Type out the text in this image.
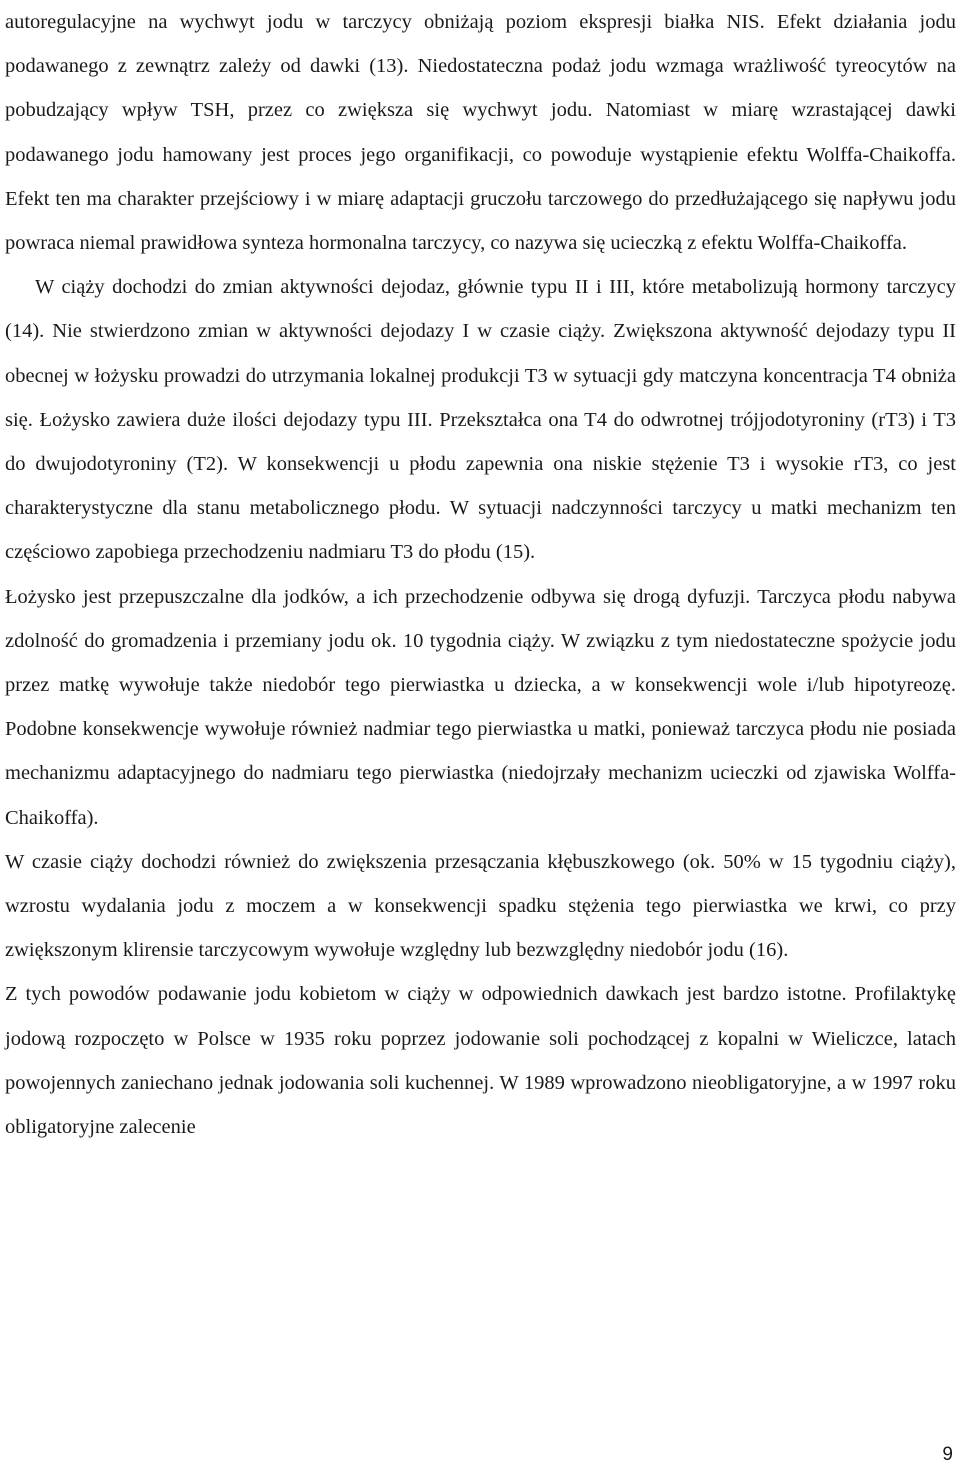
autoregulacyjne na wychwyt jodu w tarczycy obniżają poziom ekspresji białka NIS. Efekt działania jodu podawanego z zewnątrz zależy od dawki (13). Niedostateczna podaż jodu wzmaga wrażliwość tyreocytów na pobudzający wpływ TSH, przez co zwiększa się wychwyt jodu. Natomiast w miarę wzrastającej dawki podawanego jodu hamowany jest proces jego organifikacji, co powoduje wystąpienie efektu Wolffa-Chaikoffa. Efekt ten ma charakter przejściowy i w miarę adaptacji gruczołu tarczowego do przedłużającego się napływu jodu powraca niemal prawidłowa synteza hormonalna tarczycy, co nazywa się ucieczką z efektu Wolffa-Chaikoffa.

W ciąży dochodzi do zmian aktywności dejodaz, głównie typu II i III, które metabolizują hormony tarczycy (14). Nie stwierdzono zmian w aktywności dejodazy I w czasie ciąży. Zwiększona aktywność dejodazy typu II obecnej w łożysku prowadzi do utrzymania lokalnej produkcji T3 w sytuacji gdy matczyna koncentracja T4 obniża się. Łożysko zawiera duże ilości dejodazy typu III. Przekształca ona T4 do odwrotnej trójjodotyroniny (rT3) i T3 do dwujodotyroniny (T2). W konsekwencji u płodu zapewnia ona niskie stężenie T3 i wysokie rT3, co jest charakterystyczne dla stanu metabolicznego płodu. W sytuacji nadczynności tarczycy u matki mechanizm ten częściowo zapobiega przechodzeniu nadmiaru T3 do płodu (15).

Łożysko jest przepuszczalne dla jodków, a ich przechodzenie odbywa się drogą dyfuzji. Tarczyca płodu nabywa zdolność do gromadzenia i przemiany jodu ok. 10 tygodnia ciąży. W związku z tym niedostateczne spożycie jodu przez matkę wywołuje także niedobór tego pierwiastka u dziecka, a w konsekwencji wole i/lub hipotyreozę. Podobne konsekwencje wywołuje również nadmiar tego pierwiastka u matki, ponieważ tarczyca płodu nie posiada mechanizmu adaptacyjnego do nadmiaru tego pierwiastka (niedojrzały mechanizm ucieczki od zjawiska Wolffa-Chaikoffa).

W czasie ciąży dochodzi również do zwiększenia przesączania kłębuszkowego (ok. 50% w 15 tygodniu ciąży), wzrostu wydalania jodu z moczem a w konsekwencji spadku stężenia tego pierwiastka we krwi, co przy zwiększonym klirensie tarczycowym wywołuje względny lub bezwzględny niedobór jodu (16).

Z tych powodów podawanie jodu kobietom w ciąży w odpowiednich dawkach jest bardzo istotne. Profilaktykę jodową rozpoczęto w Polsce w 1935 roku poprzez jodowanie soli pochodzącej z kopalni w Wieliczce, latach powojennych zaniechano jednak jodowania soli kuchennej. W 1989 wprowadzono nieobligatoryjne, a w 1997 roku obligatoryjne zalecenie

9
